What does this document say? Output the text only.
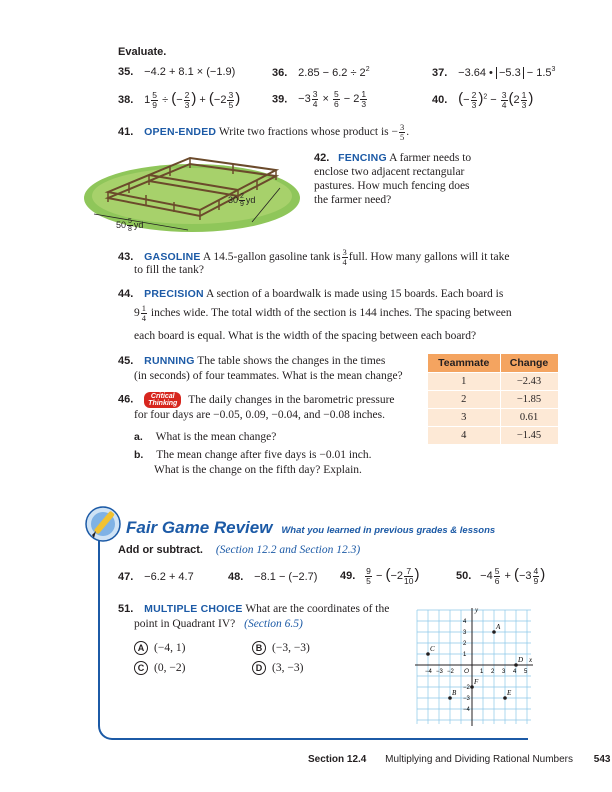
Evaluate.
35. −4.2 + 8.1 × (−1.9)	36. $2.85 - 6.2 \div 2^2$	37. −3.64 • $-5.3 - 1.5^3$
38. $1 \frac{5}{9}$ ÷ (− $\frac{2}{3}$ ) + ($-2 \frac{3}{5}$ )	39. $-3 \frac{3}{4} \times \frac{5}{6} - 2 \frac{1}{3}$	40. (− $\frac{2}{3} )^2 - \frac{3}{4} (2 \frac{1}{3}$ )
41. OPEN-ENDED Write two fractions whose product is − $\frac{3}{5}$ .
$30 \frac{2}{9}$ yd
$50 \frac{5}{8}$ yd
42. FENCING A farmer needs to enclose two adjacent rectangular pastures. How much fencing does the farmer need?
43. GASOLINE A 14.5-gallon gasoline tank is $\frac{3}{4}$ full. How many gallons will it take
to fill the tank?
44. PRECISION A section of a boardwalk is made using 15 boards. Each board is
$9 \frac{1}{4}$ inches wide. The total width of the section is 144 inches. The spacing between
each board is equal. What is the width of the spacing between each board?
45. RUNNING The table shows the changes in the times
(in seconds) of four teammates. What is the mean change?
Teammate	Change
1	−2.43
2	−1.85
3	0.61
4	−1.45
46.	Critical
Thinking The daily changes in the barometric pressure
for four days are −0.05, 0.09, −0.04, and −0.08 inches.
a. What is the mean change?
b. The mean change after five days is −0.01 inch.
What is the change on the fifth day? Explain.
Fair Game Review What you learned in previous grades & lessons
Add or subtract. (Section 12.2 and Section 12.3)
47. −6.2 + 4.7	48. −8.1 − (−2.7) 49. $\frac{9}{5} - (-2 \frac{7}{10}$ )	50. $-4 \frac{5}{6} + (-3 \frac{4}{9}$ )
51. MULTIPLE CHOICE What are the coordinates of the
point in Quadrant IV? (Section 6.5)
A (−4, 1)	B (−3, −3)
C (0, −2)	D (3, −3)
x
y
O
−4 −3 −2	1 2 3 4 5
4
3
2
1
−2
−3
−4
A
B
C
D
E
F
Section 12.4 Multiplying and Dividing Rational Numbers 543
